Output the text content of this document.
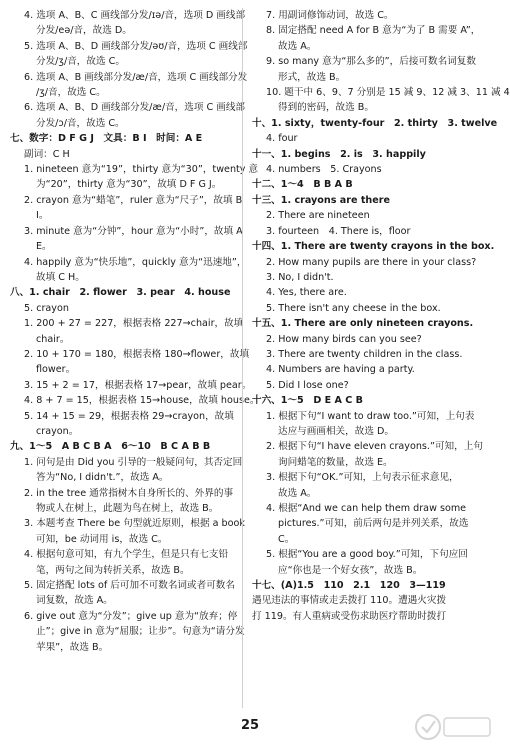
4. 选项 A、B、C 画线部分发/ɪə/音，选项 D 画线部
分发/eə/音，故选 D。
5. 选项 A、B、D 画线部分发/əʊ/音，选项 C 画线部
分发/ʒ/音，故选 C。
6. 选项 A、B 画线部分发/æ/音，选项 C 画线部分发
/ʒ/音，故选 C。
6. 选项 A、B、D 画线部分发/æ/音，选项 C 画线部
分发/ɔ/音，故选 C。
七、数字：D F G J　文具：B I　时间：A E
副词：C H
1. nineteen 意为“19”，thirty 意为“30”，twenty 意
为“20”，thirty 意为“30”，故填 D F G J。
2. crayon 意为“蜡笔”，ruler 意为“尺子”，故填 B
I。
3. minute 意为“分钟”，hour 意为“小时”，故填 A
E。
4. happily 意为“快乐地”，quickly 意为“迅速地”，
故填 C H。
八、1. chair　2. flower　3. pear　4. house
5. crayon
1. 200 + 27 = 227，根据表格 227→chair，故填
chair。
2. 10 + 170 = 180，根据表格 180→flower，故填
flower。
3. 15 + 2 = 17，根据表格 17→pear，故填 pear。
4. 8 + 7 = 15，根据表格 15→house，故填 house。
5. 14 + 15 = 29，根据表格 29→crayon，故填
crayon。
九、1～5　A B C B A　6～10　B C A B B
1. 问句是由 Did you 引导的一般疑问句，其否定回
答为“No, I didn't.”，故选 A。
2. in the tree 通常指树木自身所长的、外界的事
物或人在树上，此题为鸟在树上，故选 B。
3. 本题考查 There be 句型就近原则，根据 a book
可知，be 动词用 is，故选 C。
4. 根据句意可知，有九个学生，但是只有七支铅
笔，两句之间为转折关系，故选 B。
5. 固定搭配 lots of 后可加不可数名词或者可数名
词复数，故选 A。
6. give out 意为“分发”；give up 意为“放弃；停
止”；give in 意为“屈服；让步”。句意为“请分发
苹果”，故选 B。
7. 用副词修饰动词，故选 C。
8. 固定搭配 need A for B 意为“为了 B 需要 A”，
故选 A。
9. so many 意为“那么多的”，后接可数名词复数
形式，故选 B。
10. 题干中 6、9、7 分别是 15 减 9、12 减 3、11 减 4
得到的密码，故选 B。
十、1. sixty，twenty-four　2. thirty　3. twelve
4. four
十一、1. begins　2. is　3. happily
4. numbers　5. Crayons
十二、1～4　B B A B
十三、1. crayons are there
2. There are nineteen
3. fourteen　4. There is，floor
十四、1. There are twenty crayons in the box.
2. How many pupils are there in your class?
3. No, I didn't.
4. Yes, there are.
5. There isn't any cheese in the box.
十五、1. There are only nineteen crayons.
2. How many birds can you see?
3. There are twenty children in the class.
4. Numbers are having a party.
5. Did I lose one?
十六、1～5　D E A C B
1. 根据下句“I want to draw too.”可知，上句表
达应与画画相关，故选 D。
2. 根据下句“I have eleven crayons.”可知，上句
询问蜡笔的数量，故选 E。
3. 根据下句“OK.”可知，上句表示征求意见，
故选 A。
4. 根据“And we can help them draw some
pictures.”可知，前后两句是并列关系，故选
C。
5. 根据“You are a good boy.”可知，下句应回
应“你也是一个好女孩”，故选 B。
十七、(A)1.5　110　2.1　120　3—119
遇见违法的事情或走丢拨打 110。遭遇火灾拨
打 119。有人重病或受伤求助医疗帮助时拨打
25
